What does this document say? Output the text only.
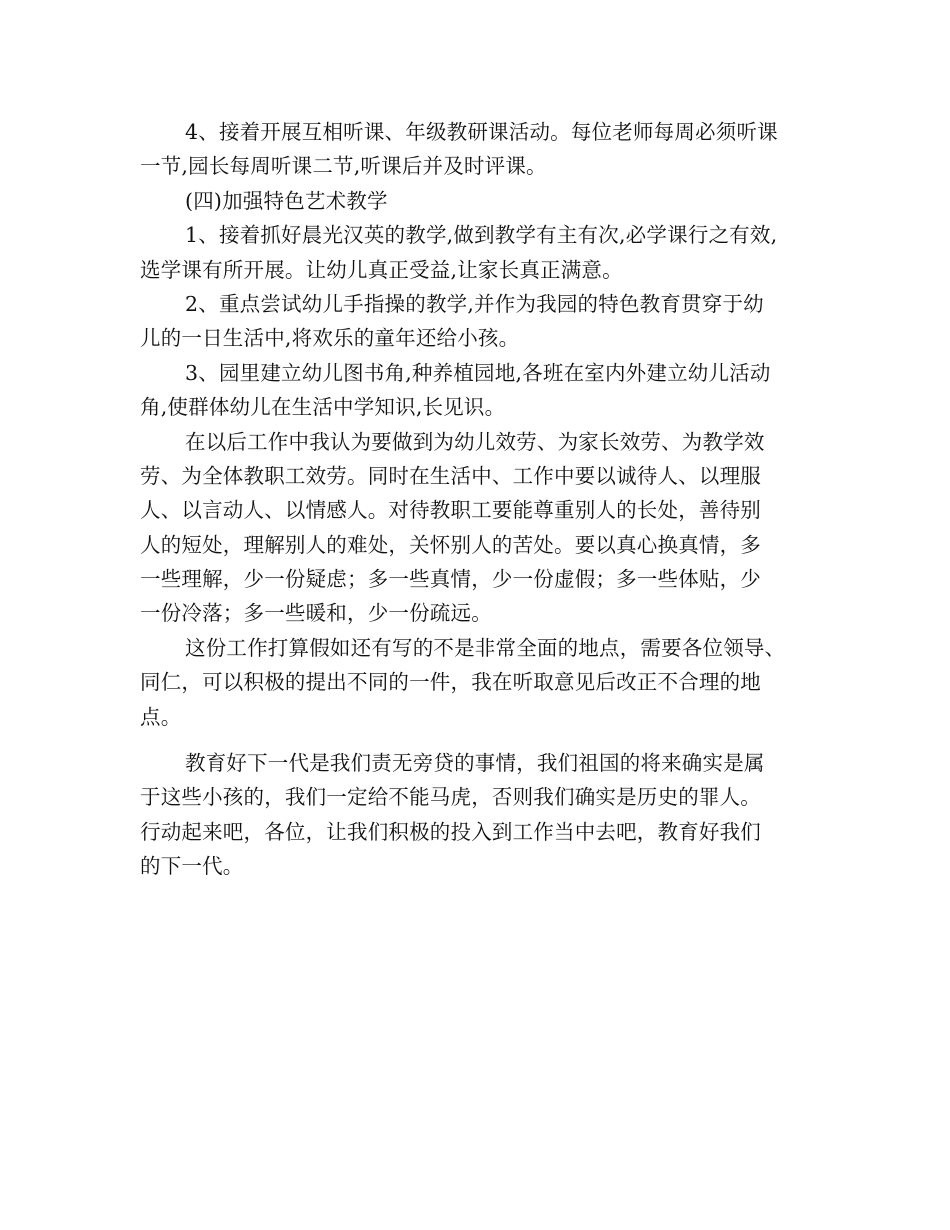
4、接着开展互相听课、年级教研课活动。每位老师每周必须听课
一节,园长每周听课二节,听课后并及时评课。
(四)加强特色艺术教学
1、接着抓好晨光汉英的教学,做到教学有主有次,必学课行之有效,
选学课有所开展。让幼儿真正受益,让家长真正满意。
2、重点尝试幼儿手指操的教学,并作为我园的特色教育贯穿于幼
儿的一日生活中,将欢乐的童年还给小孩。
3、园里建立幼儿图书角,种养植园地,各班在室内外建立幼儿活动
角,使群体幼儿在生活中学知识,长见识。
在以后工作中我认为要做到为幼儿效劳、为家长效劳、为教学效
劳、为全体教职工效劳。同时在生活中、工作中要以诚待人、以理服
人、以言动人、以情感人。对待教职工要能尊重别人的长处，善待别
人的短处，理解别人的难处，关怀别人的苦处。要以真心换真情，多
一些理解，少一份疑虑；多一些真情，少一份虚假；多一些体贴，少
一份冷落；多一些暖和，少一份疏远。
这份工作打算假如还有写的不是非常全面的地点，需要各位领导、
同仁，可以积极的提出不同的一件，我在听取意见后改正不合理的地
点。
教育好下一代是我们责无旁贷的事情，我们祖国的将来确实是属
于这些小孩的，我们一定给不能马虎，否则我们确实是历史的罪人。
行动起来吧，各位，让我们积极的投入到工作当中去吧，教育好我们
的下一代。
